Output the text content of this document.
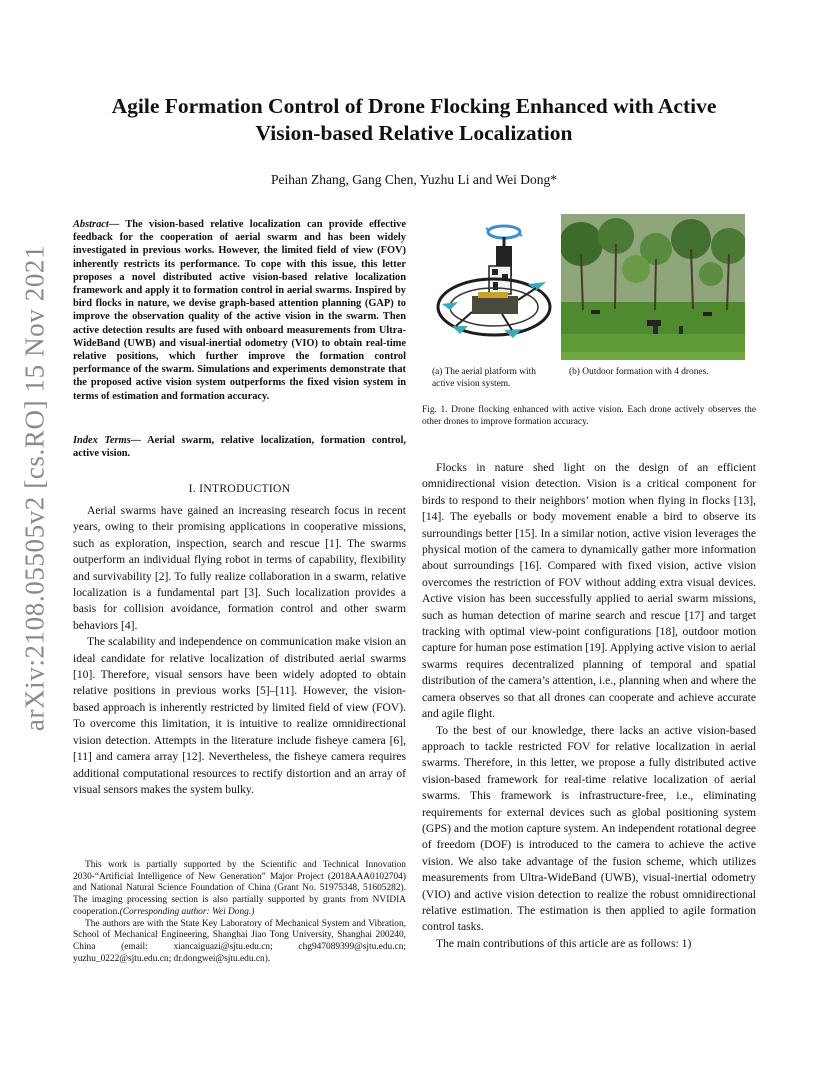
arXiv:2108.05505v2 [cs.RO] 15 Nov 2021
Agile Formation Control of Drone Flocking Enhanced with Active
Vision-based Relative Localization
Peihan Zhang, Gang Chen, Yuzhu Li and Wei Dong*
Abstract— The vision-based relative localization can provide effective feedback for the cooperation of aerial swarm and has been widely investigated in previous works. However, the limited field of view (FOV) inherently restricts its performance. To cope with this issue, this letter proposes a novel distributed active vision-based relative localization framework and apply it to formation control in aerial swarms. Inspired by bird flocks in nature, we devise graph-based attention planning (GAP) to improve the observation quality of the active vision in the swarm. Then active detection results are fused with onboard measurements from Ultra-WideBand (UWB) and visual-inertial odometry (VIO) to obtain real-time relative positions, which further improve the formation control performance of the swarm. Simulations and experiments demonstrate that the proposed active vision system outperforms the fixed vision system in terms of estimation and formation accuracy.
Index Terms— Aerial swarm, relative localization, formation control, active vision.
I. INTRODUCTION

Aerial swarms have gained an increasing research focus in recent years, owing to their promising applications in cooperative missions, such as exploration, inspection, search and rescue [1]. The swarms outperform an individual flying robot in terms of capability, flexibility and survivability [2]. To fully realize collaboration in a swarm, relative localization is a fundamental part [3]. Such localization provides a basis for collision avoidance, formation control and other swarm behaviors [4].

The scalability and independence on communication make vision an ideal candidate for relative localization of distributed aerial swarms [10]. Therefore, visual sensors have been widely adopted to obtain relative positions in previous works [5]–[11]. However, the vision-based approach is inherently restricted by limited field of view (FOV). To overcome this limitation, it is intuitive to realize omnidirectional vision detection. Attempts in the literature include fisheye camera [6], [11] and camera array [12]. Nevertheless, the fisheye camera requires additional computational resources to rectify distortion and an array of visual sensors makes the system bulky.

This work is partially supported by the Scientific and Technical Innovation 2030-“Artificial Intelligence of New Generation” Major Project (2018AAA0102704) and National Natural Science Foundation of China (Grant No. 51975348, 51605282). The imaging processing section is also partially supported by grants from NVIDIA cooperation.(Corresponding author: Wei Dong.)

The authors are with the State Key Laboratory of Mechanical System and Vibration, School of Mechanical Engineering, Shanghai Jiao Tong University, Shanghai 200240, China (email: xiancaiguazi@sjtu.edu.cn; chg947089399@sjtu.edu.cn; yuzhu_0222@sjtu.edu.cn; dr.dongwei@sjtu.edu.cn).

(a) The aerial platform with active vision system.
(b) Outdoor formation with 4 drones.
Fig. 1. Drone flocking enhanced with active vision. Each drone actively observes the other drones to improve formation accuracy.

Flocks in nature shed light on the design of an efficient omnidirectional vision detection. Vision is a critical component for birds to respond to their neighbors’ motion when flying in flocks [13], [14]. The eyeballs or body movement enable a bird to observe its surroundings better [15]. In a similar notion, active vision leverages the physical motion of the camera to dynamically gather more information about surroundings [16]. Compared with fixed vision, active vision overcomes the restriction of FOV without adding extra visual devices. Active vision has been successfully applied to aerial swarm missions, such as human detection of marine search and rescue [17] and target tracking with optimal view-point configurations [18], outdoor motion capture for human pose estimation [19]. Applying active vision to aerial swarms requires decentralized planning of temporal and spatial distribution of the camera’s attention, i.e., planning when and where the camera observes so that all drones can cooperate and achieve accurate and agile flight.

To the best of our knowledge, there lacks an active vision-based approach to tackle restricted FOV for relative localization in aerial swarms. Therefore, in this letter, we propose a fully distributed active vision-based framework for real-time relative localization of aerial swarms. This framework is infrastructure-free, i.e., eliminating requirements for external devices such as global positioning system (GPS) and the motion capture system. An independent rotational degree of freedom (DOF) is introduced to the camera to achieve the active vision. We also take advantage of the fusion scheme, which utilizes measurements from Ultra-WideBand (UWB), visual-inertial odometry (VIO) and active vision detection to realize the robust omnidirectional relative estimation. The estimation is then applied to agile formation control tasks.

The main contributions of this article are as follows: 1)
